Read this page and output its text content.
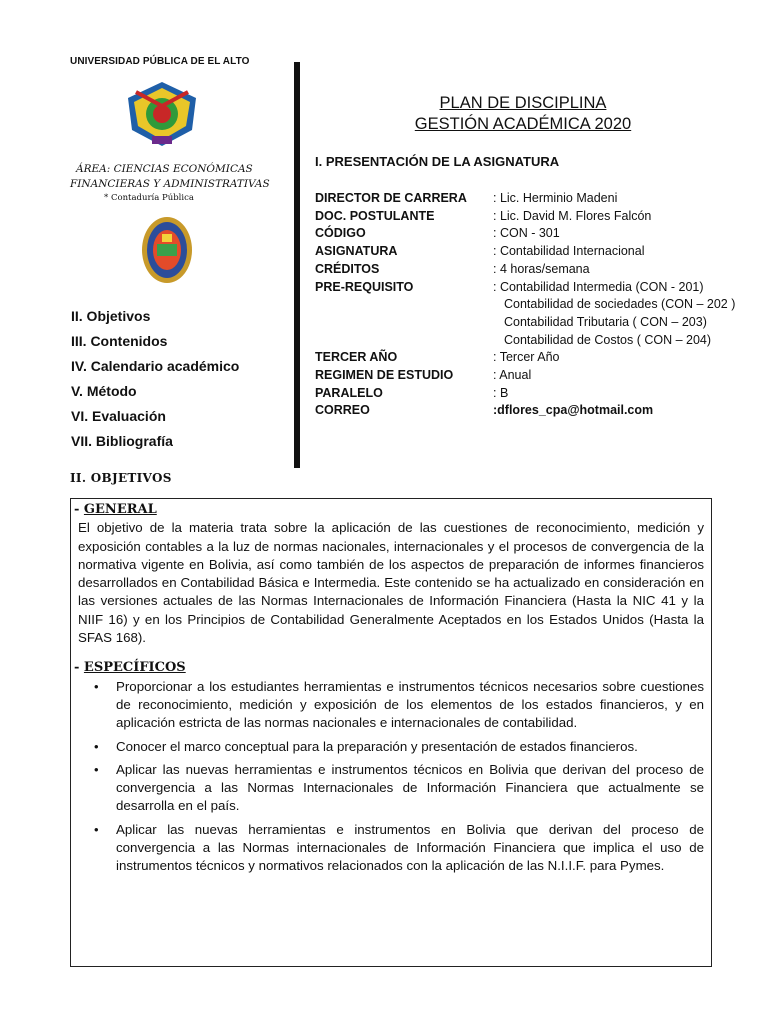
UNIVERSIDAD PÚBLICA DE EL ALTO
ÁREA: CIENCIAS ECONÓMICAS
FINANCIERAS Y ADMINISTRATIVAS
* Contaduría Pública
II. Objetivos
III. Contenidos
IV. Calendario académico
V. Método
VI. Evaluación
VII. Bibliografía
PLAN DE DISCIPLINA
GESTIÓN ACADÉMICA 2020
I. PRESENTACIÓN DE LA ASIGNATURA
DIRECTOR DE CARRERA	: Lic. Herminio Madeni
DOC. POSTULANTE	: Lic. David M. Flores Falcón
CÓDIGO	: CON - 301
ASIGNATURA	: Contabilidad Internacional
CRÉDITOS	: 4 horas/semana
PRE-REQUISITO	: Contabilidad Intermedia (CON - 201)
Contabilidad de sociedades (CON – 202 )
Contabilidad Tributaria ( CON – 203)
Contabilidad de Costos ( CON – 204)
TERCER AÑO	: Tercer Año
REGIMEN DE ESTUDIO	: Anual
PARALELO	: B
CORREO	:dflores_cpa@hotmail.com
II. OBJETIVOS
- GENERAL
El objetivo de la materia trata sobre la aplicación de las cuestiones de reconocimiento, medición y exposición contables a la luz de normas nacionales, internacionales y el procesos de convergencia de la normativa vigente en Bolivia, así como también de los aspectos de preparación de informes financieros desarrollados en Contabilidad Básica e Intermedia. Este contenido se ha actualizado en consideración en las versiones actuales de las Normas Internacionales de Información Financiera (Hasta la NIC 41 y la NIIF 16) y en los Principios de Contabilidad Generalmente Aceptados en los Estados Unidos (Hasta la SFAS 168).
- ESPECÍFICOS
• Proporcionar a los estudiantes herramientas e instrumentos técnicos necesarios sobre cuestiones de reconocimiento, medición y exposición de los elementos de los estados financieros, y en aplicación estricta de las normas nacionales e internacionales de contabilidad.
• Conocer el marco conceptual para la preparación y presentación de estados financieros.
• Aplicar las nuevas herramientas e instrumentos técnicos en Bolivia que derivan del proceso de convergencia a las Normas Internacionales de Información Financiera que actualmente se desarrolla en el país.
• Aplicar las nuevas herramientas e instrumentos en Bolivia que derivan del proceso de convergencia a las Normas internacionales de Información Financiera que implica el uso de instrumentos técnicos y normativos relacionados con la aplicación de las N.I.I.F. para Pymes.
